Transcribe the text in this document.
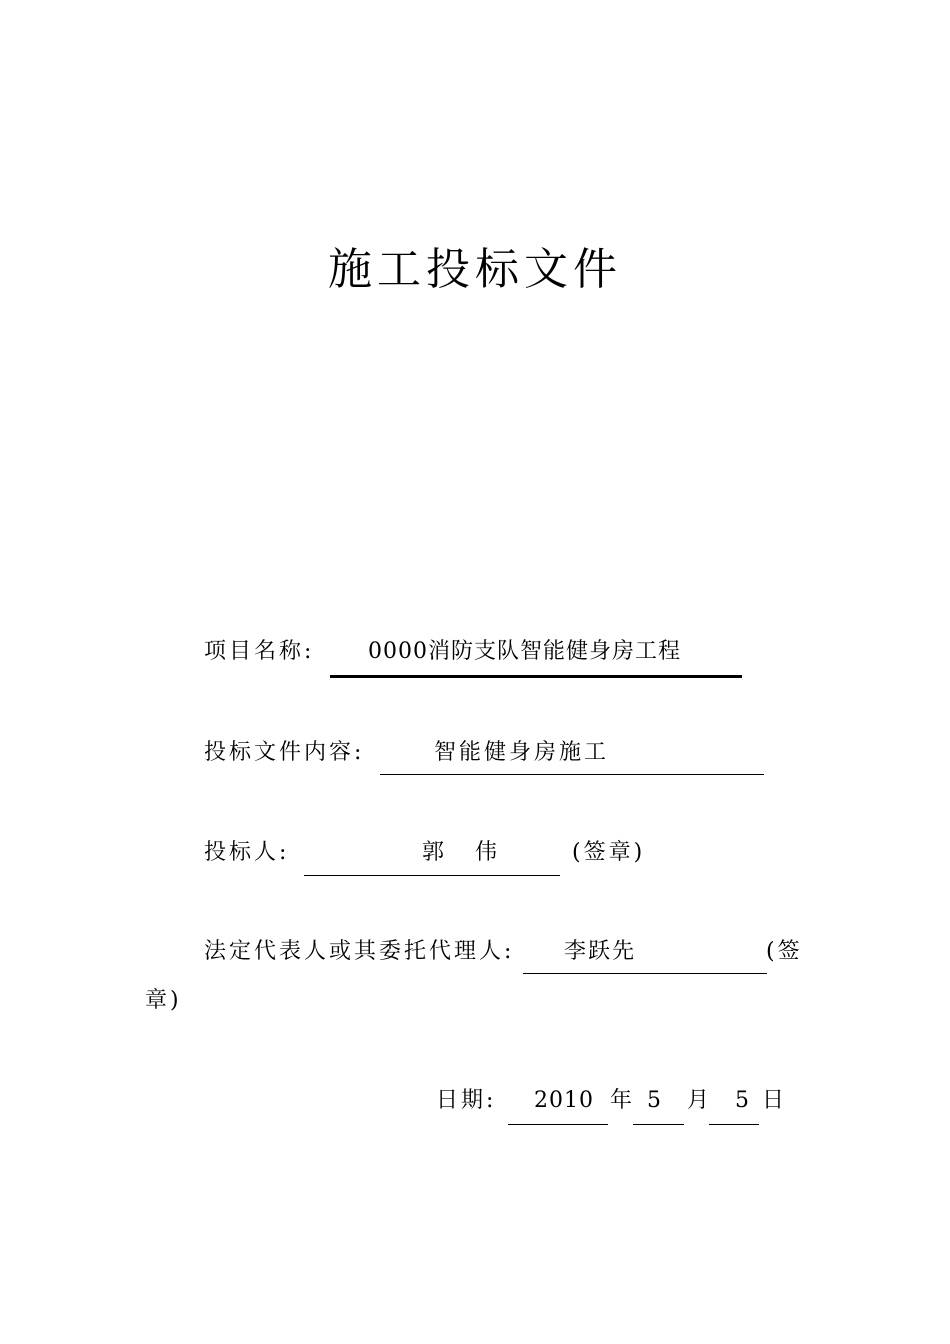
施工投标文件
项目名称: 0000消防支队智能健身房工程
投标文件内容:	智能健身房施工
投标人:	郭 伟	(签章)
法定代表人或其委托代理人: 李跃先	(签
章)
日期: 2010 年 5 月 5 日
